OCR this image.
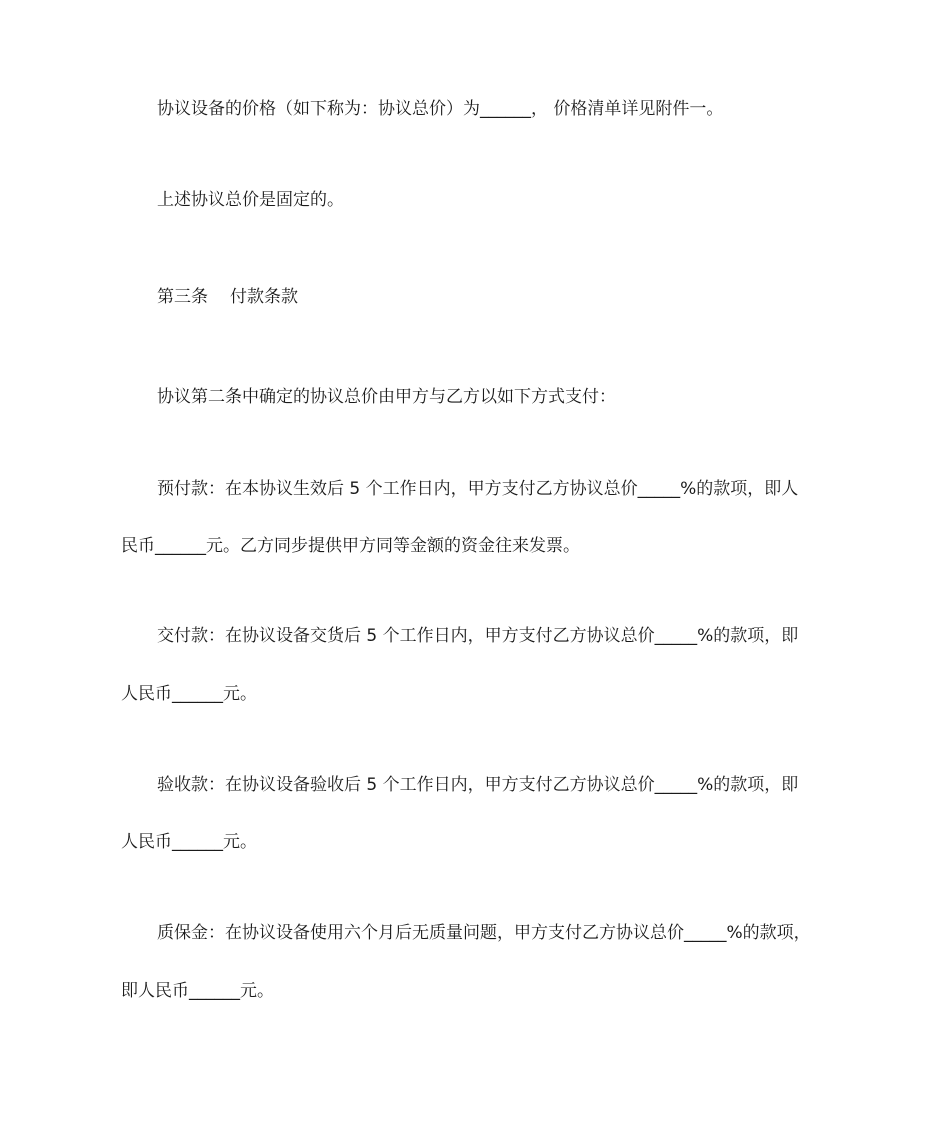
协议设备的价格（如下称为：协议总价）为______， 价格清单详见附件一。

上述协议总价是固定的。

第三条 付款条款

协议第二条中确定的协议总价由甲方与乙方以如下方式支付：

预付款：在本协议生效后 5 个工作日内，甲方支付乙方协议总价_____%的款项，即人

民币______元。乙方同步提供甲方同等金额的资金往来发票。

交付款：在协议设备交货后 5 个工作日内，甲方支付乙方协议总价_____%的款项，即

人民币______元。

验收款：在协议设备验收后 5 个工作日内，甲方支付乙方协议总价_____%的款项，即

人民币______元。

质保金：在协议设备使用六个月后无质量问题，甲方支付乙方协议总价_____%的款项，

即人民币______元。
